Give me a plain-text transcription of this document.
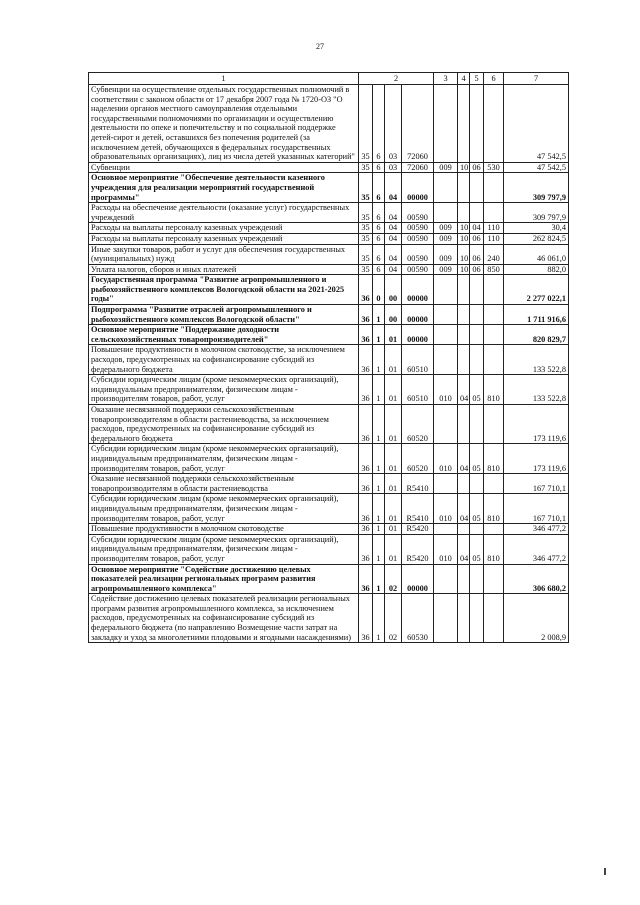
27
1	2				3	4	5	6	7
Субвенции на осуществление отдельных государственных полномочий в соответствии с законом области от 17 декабря 2007 года № 1720-ОЗ "О наделении органов местного самоуправления отдельными государственными полномочиями по организации и осуществлению деятельности по опеке и попечительству и по социальной поддержке детей-сирот и детей, оставшихся без попечения родителей (за исключением детей, обучающихся в федеральных государственных образовательных организациях), лиц из числа детей указанных категорий"	35	6	03	72060					47 542,5
Субвенции	35	6	03	72060	009	10	06	530	47 542,5
Основное мероприятие "Обеспечение деятельности казенного учреждения для реализации мероприятий государственной программы"	35	6	04	00000					309 797,9
Расходы на обеспечение деятельности (оказание услуг) государственных учреждений	35	6	04	00590					309 797,9
Расходы на выплаты персоналу казенных учреждений	35	6	04	00590	009	10	04	110	30,4
Расходы на выплаты персоналу казенных учреждений	35	6	04	00590	009	10	06	110	262 824,5
Иные закупки товаров, работ и услуг для обеспечения государственных (муниципальных) нужд	35	6	04	00590	009	10	06	240	46 061,0
Уплата налогов, сборов и иных платежей	35	6	04	00590	009	10	06	850	882,0
Государственная программа "Развитие агропромышленного и рыбохозяйственного комплексов Вологодской области на 2021-2025 годы"	36	0	00	00000					2 277 022,1
Подпрограмма "Развитие отраслей агропромышленного и рыбохозяйственного комплексов Вологодской области"	36	1	00	00000					1 711 916,6
Основное мероприятие "Поддержание доходности сельскохозяйственных товаропроизводителей"	36	1	01	00000					820 829,7
Повышение продуктивности в молочном скотоводстве, за исключением расходов, предусмотренных на софинансирование субсидий из федерального бюджета	36	1	01	60510					133 522,8
Субсидии юридическим лицам (кроме некоммерческих организаций), индивидуальным предпринимателям, физическим лицам - производителям товаров, работ, услуг	36	1	01	60510	010	04	05	810	133 522,8
Оказание несвязанной поддержки сельскохозяйственным товаропроизводителям в области растениеводства, за исключением расходов, предусмотренных на софинансирование субсидий из федерального бюджета	36	1	01	60520					173 119,6
Субсидии юридическим лицам (кроме некоммерческих организаций), индивидуальным предпринимателям, физическим лицам - производителям товаров, работ, услуг	36	1	01	60520	010	04	05	810	173 119,6
Оказание несвязанной поддержки сельскохозяйственным товаропроизводителям в области растениеводства	36	1	01	R5410					167 710,1
Субсидии юридическим лицам (кроме некоммерческих организаций), индивидуальным предпринимателям, физическим лицам - производителям товаров, работ, услуг	36	1	01	R5410	010	04	05	810	167 710,1
Повышение продуктивности в молочном скотоводстве	36	1	01	R5420					346 477,2
Субсидии юридическим лицам (кроме некоммерческих организаций), индивидуальным предпринимателям, физическим лицам - производителям товаров, работ, услуг	36	1	01	R5420	010	04	05	810	346 477,2
Основное мероприятие "Содействие достижению целевых показателей реализации региональных программ развития агропромышленного комплекса"	36	1	02	00000					306 680,2
Содействие достижению целевых показателей реализации региональных программ развития агропромышленного комплекса, за исключением расходов, предусмотренных на софинансирование субсидий из федерального бюджета (по направлению Возмещение части затрат на закладку и уход за многолетними плодовыми и ягодными насаждениями)	36	1	02	60530					2 008,9
